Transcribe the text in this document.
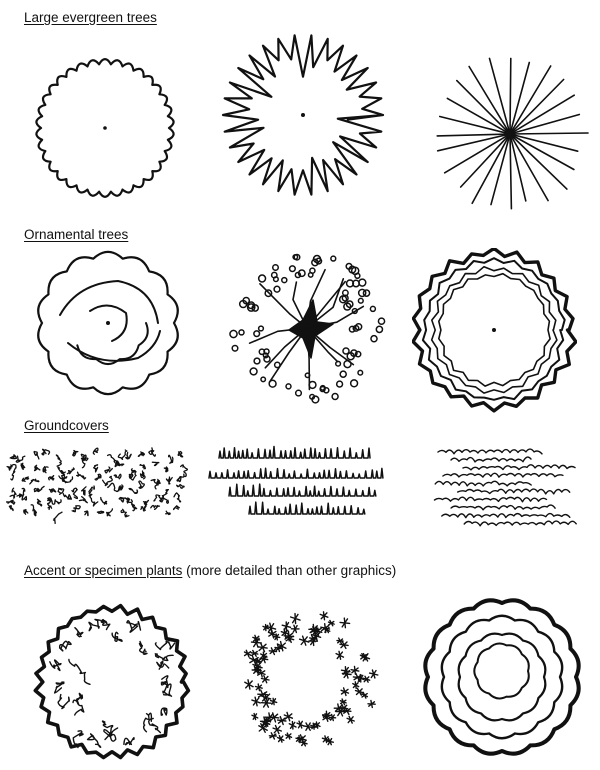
Large evergreen trees
Ornamental trees
Groundcovers
Accent or specimen plants (more detailed than other graphics)
